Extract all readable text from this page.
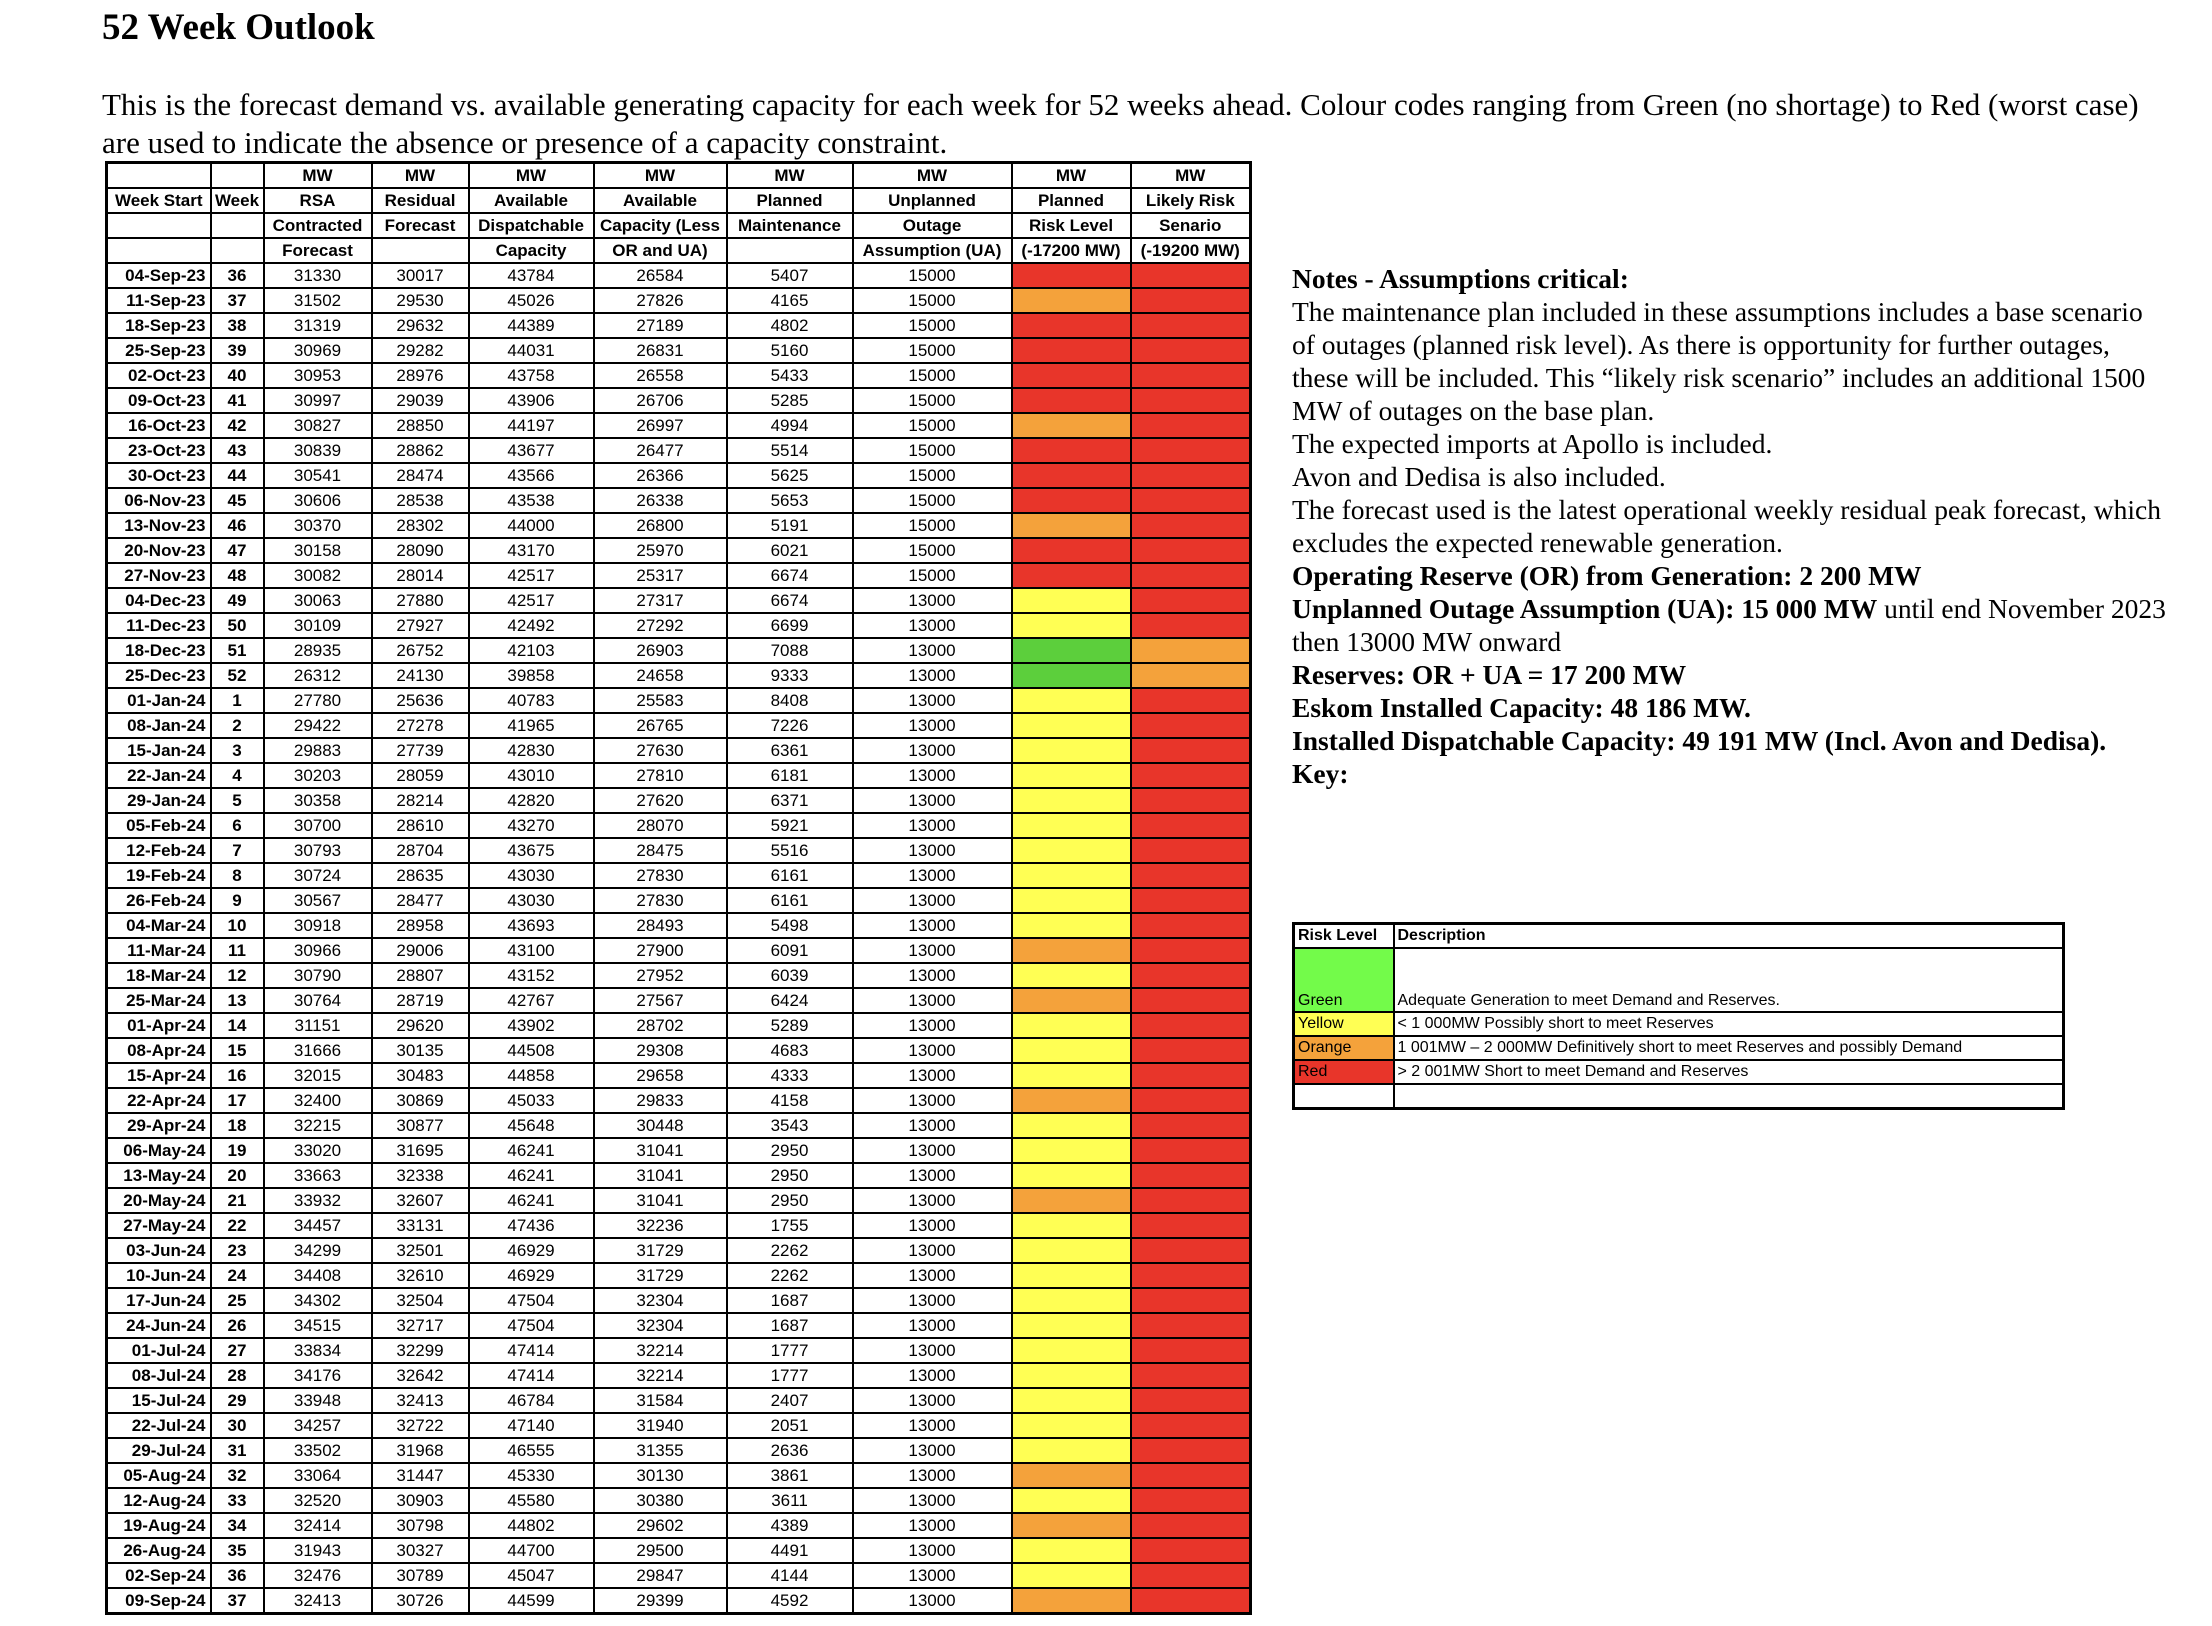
52 Week Outlook
This is the forecast demand vs. available generating capacity for each week for 52 weeks ahead. Colour codes ranging from Green (no shortage) to Red (worst case) are used to indicate the absence or presence of a capacity constraint.
		MW	MW	MW	MW	MW	MW	MW	MW
Week Start	Week	RSA	Residual	Available	Available	Planned	Unplanned	Planned	Likely Risk
		Contracted	Forecast	Dispatchable	Capacity (Less	Maintenance	Outage	Risk Level	Senario
		Forecast		Capacity	OR and UA)		Assumption (UA)	(-17200 MW)	(-19200 MW)
04-Sep-23	36	31330	30017	43784	26584	5407	15000		
11-Sep-23	37	31502	29530	45026	27826	4165	15000		
18-Sep-23	38	31319	29632	44389	27189	4802	15000		
25-Sep-23	39	30969	29282	44031	26831	5160	15000		
02-Oct-23	40	30953	28976	43758	26558	5433	15000		
09-Oct-23	41	30997	29039	43906	26706	5285	15000		
16-Oct-23	42	30827	28850	44197	26997	4994	15000		
23-Oct-23	43	30839	28862	43677	26477	5514	15000		
30-Oct-23	44	30541	28474	43566	26366	5625	15000		
06-Nov-23	45	30606	28538	43538	26338	5653	15000		
13-Nov-23	46	30370	28302	44000	26800	5191	15000		
20-Nov-23	47	30158	28090	43170	25970	6021	15000		
27-Nov-23	48	30082	28014	42517	25317	6674	15000		
04-Dec-23	49	30063	27880	42517	27317	6674	13000		
11-Dec-23	50	30109	27927	42492	27292	6699	13000		
18-Dec-23	51	28935	26752	42103	26903	7088	13000		
25-Dec-23	52	26312	24130	39858	24658	9333	13000		
01-Jan-24	1	27780	25636	40783	25583	8408	13000		
08-Jan-24	2	29422	27278	41965	26765	7226	13000		
15-Jan-24	3	29883	27739	42830	27630	6361	13000		
22-Jan-24	4	30203	28059	43010	27810	6181	13000		
29-Jan-24	5	30358	28214	42820	27620	6371	13000		
05-Feb-24	6	30700	28610	43270	28070	5921	13000		
12-Feb-24	7	30793	28704	43675	28475	5516	13000		
19-Feb-24	8	30724	28635	43030	27830	6161	13000		
26-Feb-24	9	30567	28477	43030	27830	6161	13000		
04-Mar-24	10	30918	28958	43693	28493	5498	13000		
11-Mar-24	11	30966	29006	43100	27900	6091	13000		
18-Mar-24	12	30790	28807	43152	27952	6039	13000		
25-Mar-24	13	30764	28719	42767	27567	6424	13000		
01-Apr-24	14	31151	29620	43902	28702	5289	13000		
08-Apr-24	15	31666	30135	44508	29308	4683	13000		
15-Apr-24	16	32015	30483	44858	29658	4333	13000		
22-Apr-24	17	32400	30869	45033	29833	4158	13000		
29-Apr-24	18	32215	30877	45648	30448	3543	13000		
06-May-24	19	33020	31695	46241	31041	2950	13000		
13-May-24	20	33663	32338	46241	31041	2950	13000		
20-May-24	21	33932	32607	46241	31041	2950	13000		
27-May-24	22	34457	33131	47436	32236	1755	13000		
03-Jun-24	23	34299	32501	46929	31729	2262	13000		
10-Jun-24	24	34408	32610	46929	31729	2262	13000		
17-Jun-24	25	34302	32504	47504	32304	1687	13000		
24-Jun-24	26	34515	32717	47504	32304	1687	13000		
01-Jul-24	27	33834	32299	47414	32214	1777	13000		
08-Jul-24	28	34176	32642	47414	32214	1777	13000		
15-Jul-24	29	33948	32413	46784	31584	2407	13000		
22-Jul-24	30	34257	32722	47140	31940	2051	13000		
29-Jul-24	31	33502	31968	46555	31355	2636	13000		
05-Aug-24	32	33064	31447	45330	30130	3861	13000		
12-Aug-24	33	32520	30903	45580	30380	3611	13000		
19-Aug-24	34	32414	30798	44802	29602	4389	13000		
26-Aug-24	35	31943	30327	44700	29500	4491	13000		
02-Sep-24	36	32476	30789	45047	29847	4144	13000		
09-Sep-24	37	32413	30726	44599	29399	4592	13000		

Notes - Assumptions critical:

The maintenance plan included in these assumptions includes a base scenario of outages (planned risk level). As there is opportunity for further outages, these will be included. This “likely risk scenario” includes an additional 1500 MW of outages on the base plan.

The expected imports at Apollo is included.

Avon and Dedisa is also included.

The forecast used is the latest operational weekly residual peak forecast, which excludes the expected renewable generation.

Operating Reserve (OR) from Generation: 2 200 MW

Unplanned Outage Assumption (UA): 15 000 MW until end November 2023 then 13000 MW onward

Reserves: OR + UA = 17 200 MW

Eskom Installed Capacity: 48 186 MW.

Installed Dispatchable Capacity: 49 191 MW (Incl. Avon and Dedisa).

Key:

Risk Level	Description
Green	Adequate Generation to meet Demand and Reserves.
Yellow	< 1 000MW Possibly short to meet Reserves
Orange	1 001MW – 2 000MW Definitively short to meet Reserves and possibly Demand
Red	> 2 001MW Short to meet Demand and Reserves
